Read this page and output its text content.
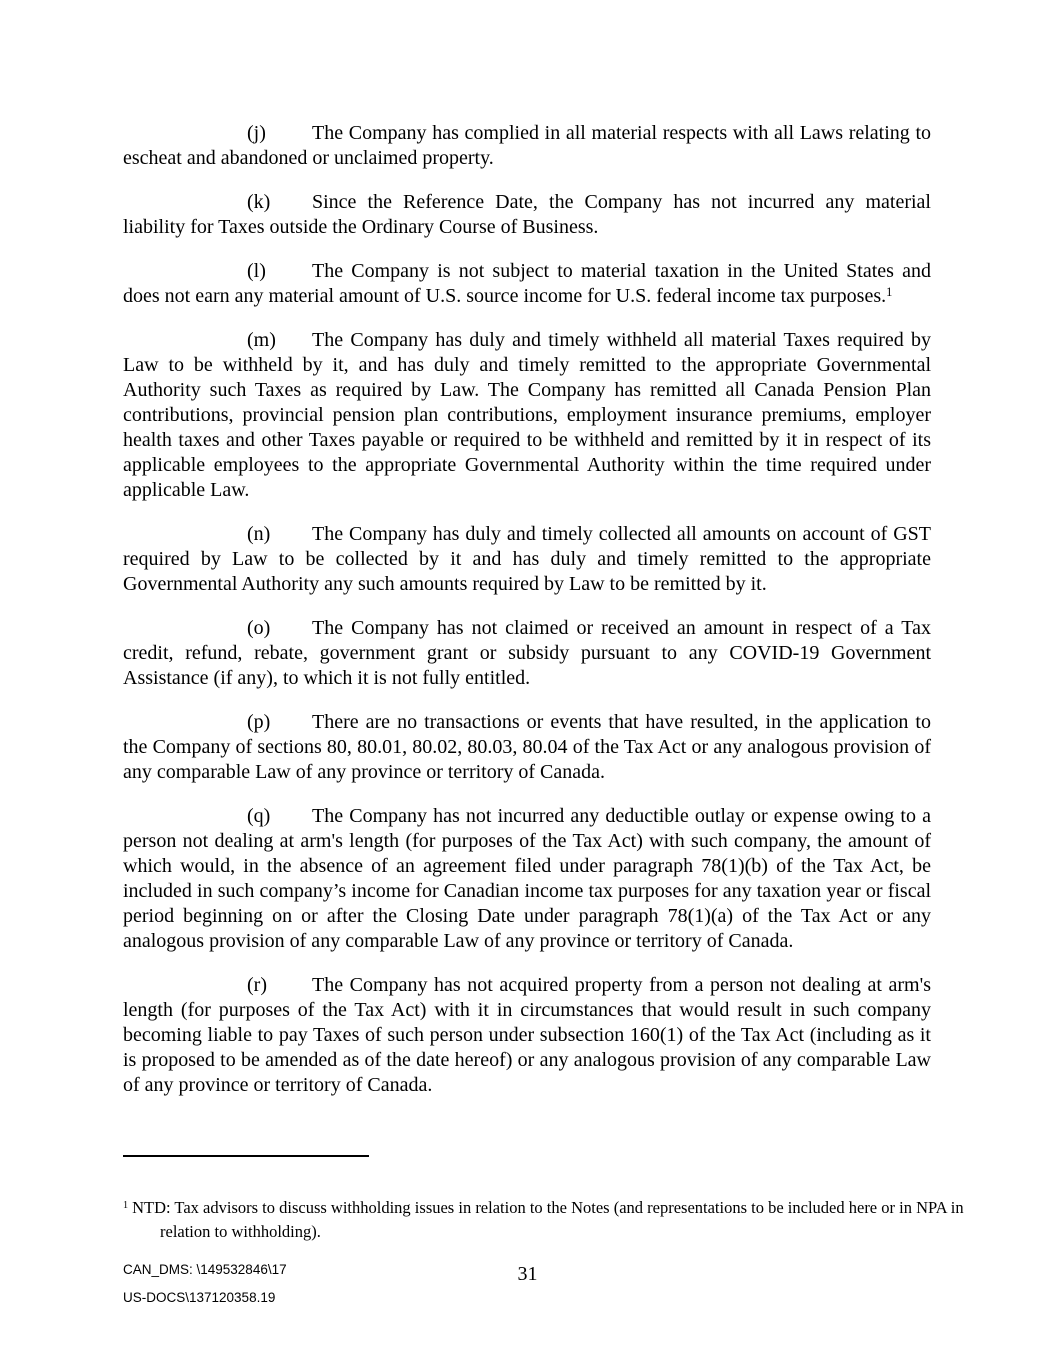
(j) The Company has complied in all material respects with all Laws relating to escheat and abandoned or unclaimed property.

(k) Since the Reference Date, the Company has not incurred any material liability for Taxes outside the Ordinary Course of Business.

(l) The Company is not subject to material taxation in the United States and does not earn any material amount of U.S. source income for U.S. federal income tax purposes.$^1$

(m) The Company has duly and timely withheld all material Taxes required by Law to be withheld by it, and has duly and timely remitted to the appropriate Governmental Authority such Taxes as required by Law. The Company has remitted all Canada Pension Plan contributions, provincial pension plan contributions, employment insurance premiums, employer health taxes and other Taxes payable or required to be withheld and remitted by it in respect of its applicable employees to the appropriate Governmental Authority within the time required under applicable Law.

(n) The Company has duly and timely collected all amounts on account of GST required by Law to be collected by it and has duly and timely remitted to the appropriate Governmental Authority any such amounts required by Law to be remitted by it.

(o) The Company has not claimed or received an amount in respect of a Tax credit, refund, rebate, government grant or subsidy pursuant to any COVID-19 Government Assistance (if any), to which it is not fully entitled.

(p) There are no transactions or events that have resulted, in the application to the Company of sections 80, 80.01, 80.02, 80.03, 80.04 of the Tax Act or any analogous provision of any comparable Law of any province or territory of Canada.

(q) The Company has not incurred any deductible outlay or expense owing to a person not dealing at arm's length (for purposes of the Tax Act) with such company, the amount of which would, in the absence of an agreement filed under paragraph 78(1)(b) of the Tax Act, be included in such company’s income for Canadian income tax purposes for any taxation year or fiscal period beginning on or after the Closing Date under paragraph 78(1)(a) of the Tax Act or any analogous provision of any comparable Law of any province or territory of Canada.

(r) The Company has not acquired property from a person not dealing at arm's length (for purposes of the Tax Act) with it in circumstances that would result in such company becoming liable to pay Taxes of such person under subsection 160(1) of the Tax Act (including as it is proposed to be amended as of the date hereof) or any analogous provision of any comparable Law of any province or territory of Canada.

$^1$ NTD: Tax advisors to discuss withholding issues in relation to the Notes (and representations to be included here or in NPA in relation to withholding).
CAN_DMS: \149532846\17	31
US-DOCS\137120358.19
